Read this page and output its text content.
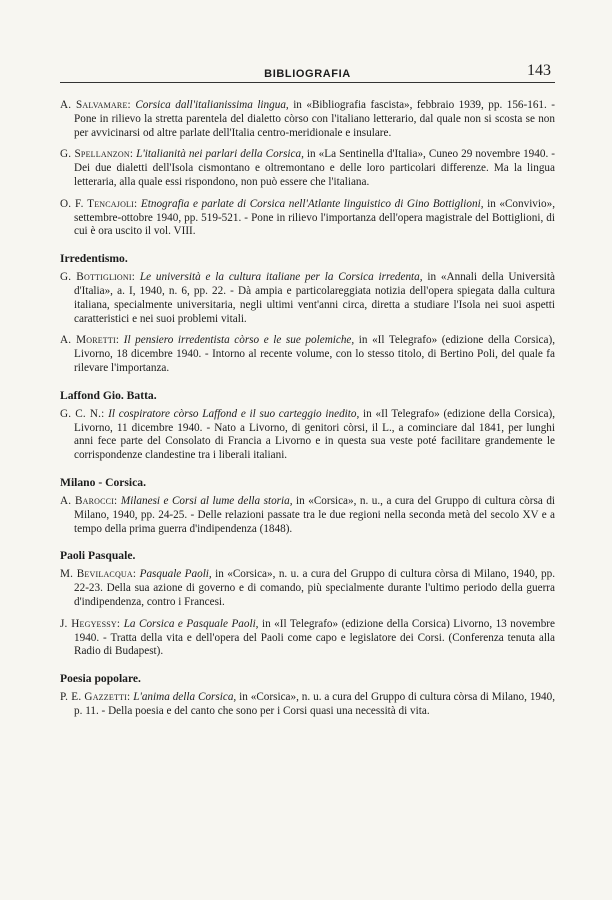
BIBLIOGRAFIA	143

A. Salvamare: Corsica dall'italianissima lingua, in «Bibliografia fascista», febbraio 1939, pp. 156-161. - Pone in rilievo la stretta parentela del dialetto còrso con l'italiano letterario, dal quale non si scosta se non per avvicinarsi od altre parlate dell'Italia centro-meridionale e insulare.

G. Spellanzon: L'italianità nei parlari della Corsica, in «La Sentinella d'Italia», Cuneo 29 novembre 1940. - Dei due dialetti dell'Isola cismontano e oltremontano e delle loro particolari differenze. Ma la lingua letteraria, alla quale essi rispondono, non può essere che l'italiana.

O. F. Tencajoli: Etnografia e parlate di Corsica nell'Atlante linguistico di Gino Bottiglioni, in «Convivio», settembre-ottobre 1940, pp. 519-521. - Pone in rilievo l'importanza dell'opera magistrale del Bottiglioni, di cui è ora uscito il vol. VIII.

Irredentismo.

G. Bottiglioni: Le università e la cultura italiane per la Corsica irredenta, in «Annali della Università d'Italia», a. I, 1940, n. 6, pp. 22. - Dà ampia e particolareggiata notizia dell'opera spiegata dalla cultura italiana, specialmente universitaria, negli ultimi vent'anni circa, diretta a studiare l'Isola nei suoi aspetti caratteristici e nei suoi problemi vitali.

A. Moretti: Il pensiero irredentista còrso e le sue polemiche, in «Il Telegrafo» (edizione della Corsica), Livorno, 18 dicembre 1940. - Intorno al recente volume, con lo stesso titolo, di Bertino Poli, del quale fa rilevare l'importanza.

Laffond Gio. Batta.

G. C. N.: Il cospiratore còrso Laffond e il suo carteggio inedito, in «Il Telegrafo» (edizione della Corsica), Livorno, 11 dicembre 1940. - Nato a Livorno, di genitori còrsi, il L., a cominciare dal 1841, per lunghi anni fece parte del Consolato di Francia a Livorno e in questa sua veste poté facilitare grandemente le corrispondenze clandestine tra i liberali italiani.

Milano - Corsica.

A. Barocci: Milanesi e Corsi al lume della storia, in «Corsica», n. u., a cura del Gruppo di cultura còrsa di Milano, 1940, pp. 24-25. - Delle relazioni passate tra le due regioni nella seconda metà del secolo XV e a tempo della prima guerra d'indipendenza (1848).

Paoli Pasquale.

M. Bevilacqua: Pasquale Paoli, in «Corsica», n. u. a cura del Gruppo di cultura còrsa di Milano, 1940, pp. 22-23. Della sua azione di governo e di comando, più specialmente durante l'ultimo periodo della guerra d'indipendenza, contro i Francesi.

J. Hegyessy: La Corsica e Pasquale Paoli, in «Il Telegrafo» (edizione della Corsica) Livorno, 13 novembre 1940. - Tratta della vita e dell'opera del Paoli come capo e legislatore dei Corsi. (Conferenza tenuta alla Radio di Budapest).

Poesia popolare.

P. E. Gazzetti: L'anima della Corsica, in «Corsica», n. u. a cura del Gruppo di cultura còrsa di Milano, 1940, p. 11. - Della poesia e del canto che sono per i Corsi quasi una necessità di vita.
